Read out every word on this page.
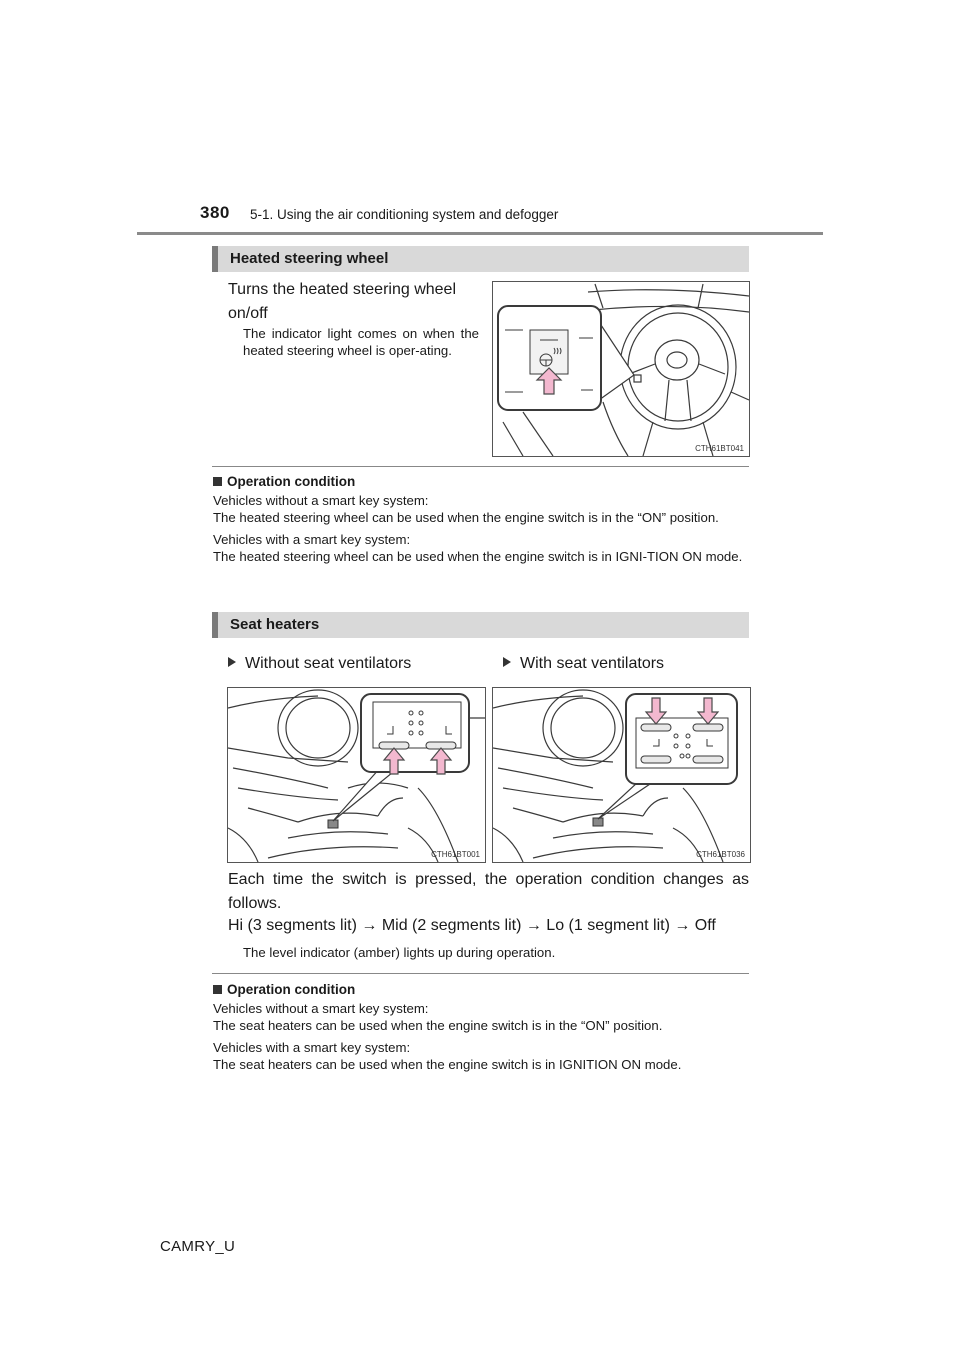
380 5-1. Using the air conditioning system and defogger
Heated steering wheel
Turns the heated steering wheel
on/off
The indicator light comes on when the heated steering wheel is oper-ating.
CTH61BT041
Operation condition
Vehicles without a smart key system:
The heated steering wheel can be used when the engine switch is in the “ON” position.
Vehicles with a smart key system:
The heated steering wheel can be used when the engine switch is in IGNI-TION ON mode.
Seat heaters
Without seat ventilators	With seat ventilators
CTH61BT001	CTH61BT036
Each time the switch is pressed, the operation condition changes as follows.
Hi (3 segments lit) → Mid (2 segments lit) → Lo (1 segment lit) → Off
The level indicator (amber) lights up during operation.
Operation condition
Vehicles without a smart key system:
The seat heaters can be used when the engine switch is in the “ON” position.
Vehicles with a smart key system:
The seat heaters can be used when the engine switch is in IGNITION ON mode.
CAMRY_U
